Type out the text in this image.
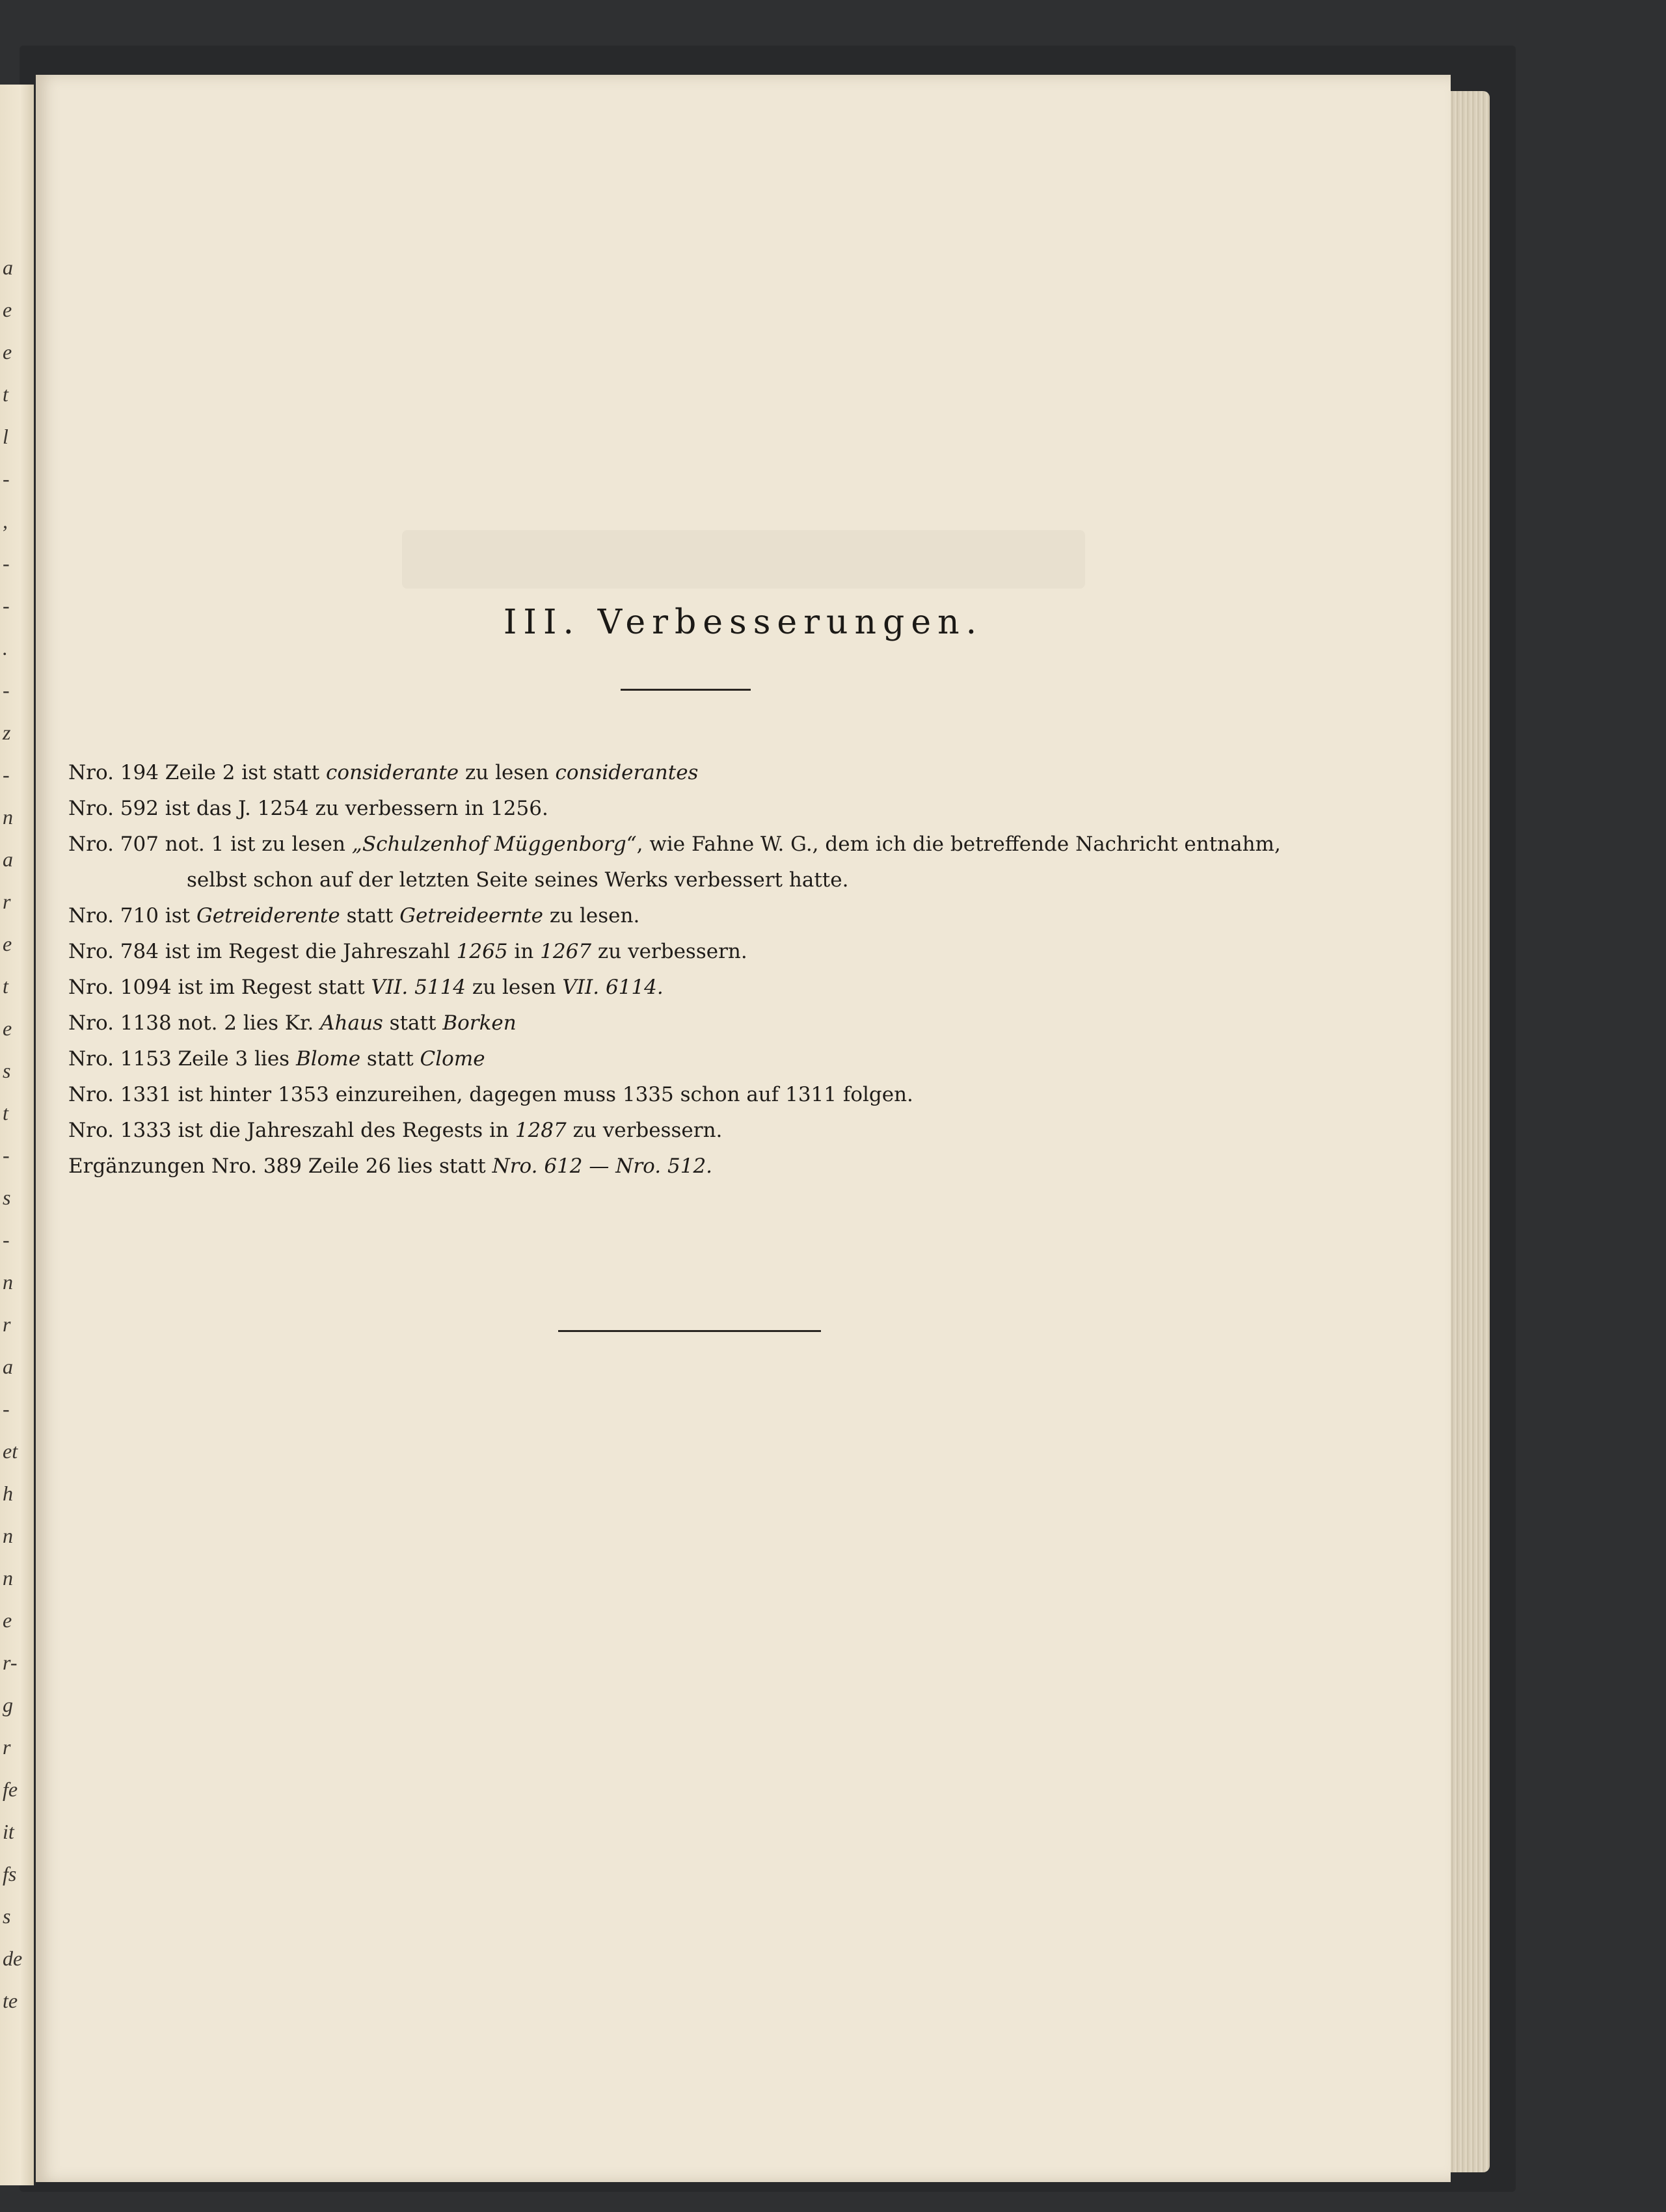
a
e
e
t
l
-
,
-
-
.
-
z
-
n
a
r
e
t
e
s
t
-
s
-
n
r
a
-
et
h
n
n
e
r-
g
r
fe
it
fs
s
de
te
III. Verbesserungen.
Nro. 194 Zeile 2 ist statt considerante zu lesen considerantes
Nro. 592 ist das J. 1254 zu verbessern in 1256.
Nro. 707 not. 1 ist zu lesen „Schulzenhof Müggenborg“, wie Fahne W. G., dem ich die betreffende Nachricht entnahm,
selbst schon auf der letzten Seite seines Werks verbessert hatte.
Nro. 710 ist Getreiderente statt Getreideernte zu lesen.
Nro. 784 ist im Regest die Jahreszahl 1265 in 1267 zu verbessern.
Nro. 1094 ist im Regest statt VII. 5114 zu lesen VII. 6114.
Nro. 1138 not. 2 lies Kr. Ahaus statt Borken
Nro. 1153 Zeile 3 lies Blome statt Clome
Nro. 1331 ist hinter 1353 einzureihen, dagegen muss 1335 schon auf 1311 folgen.
Nro. 1333 ist die Jahreszahl des Regests in 1287 zu verbessern.
Ergänzungen Nro. 389 Zeile 26 lies statt Nro. 612 — Nro. 512.
